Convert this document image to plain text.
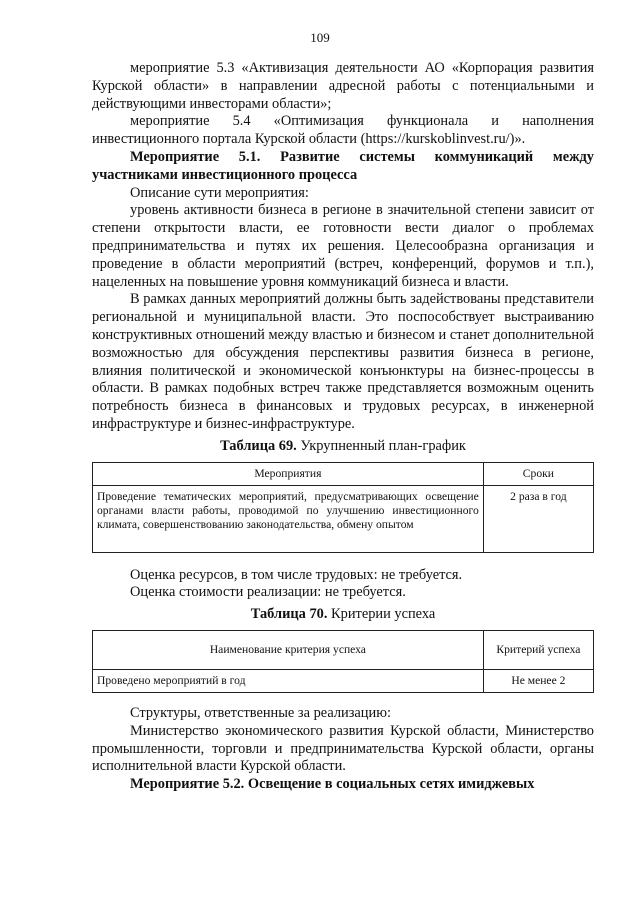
109

мероприятие 5.3 «Активизация деятельности АО «Корпорация развития Курской области» в направлении адресной работы с потенциальными и действующими инвесторами области»;

мероприятие 5.4 «Оптимизация функционала и наполнения инвестиционного портала Курской области (https://kurskoblinvest.ru/)».

Мероприятие 5.1. Развитие системы коммуникаций между участниками инвестиционного процесса

Описание сути мероприятия:

уровень активности бизнеса в регионе в значительной степени зависит от степени открытости власти, ее готовности вести диалог о проблемах предпринимательства и путях их решения. Целесообразна организация и проведение в области мероприятий (встреч, конференций, форумов и т.п.), нацеленных на повышение уровня коммуникаций бизнеса и власти.

В рамках данных мероприятий должны быть задействованы представители региональной и муниципальной власти. Это поспособствует выстраиванию конструктивных отношений между властью и бизнесом и станет дополнительной возможностью для обсуждения перспективы развития бизнеса в регионе, влияния политической и экономической конъюнктуры на бизнес-процессы в области. В рамках подобных встреч также представляется возможным оценить потребность бизнеса в финансовых и трудовых ресурсах, в инженерной инфраструктуре и бизнес-инфраструктуре.

Таблица 69. Укрупненный план-график

Мероприятия	Сроки
Проведение тематических мероприятий, предусматривающих освещение органами власти работы, проводимой по улучшению инвестиционного климата, совершенствованию законодательства, обмену опытом	2 раза в год

Оценка ресурсов, в том числе трудовых: не требуется.

Оценка стоимости реализации: не требуется.

Таблица 70. Критерии успеха

Наименование критерия успеха	Критерий успеха
Проведено мероприятий в год	Не менее 2

Структуры, ответственные за реализацию:

Министерство экономического развития Курской области, Министерство промышленности, торговли и предпринимательства Курской области, органы исполнительной власти Курской области.

Мероприятие 5.2. Освещение в социальных сетях имиджевых
